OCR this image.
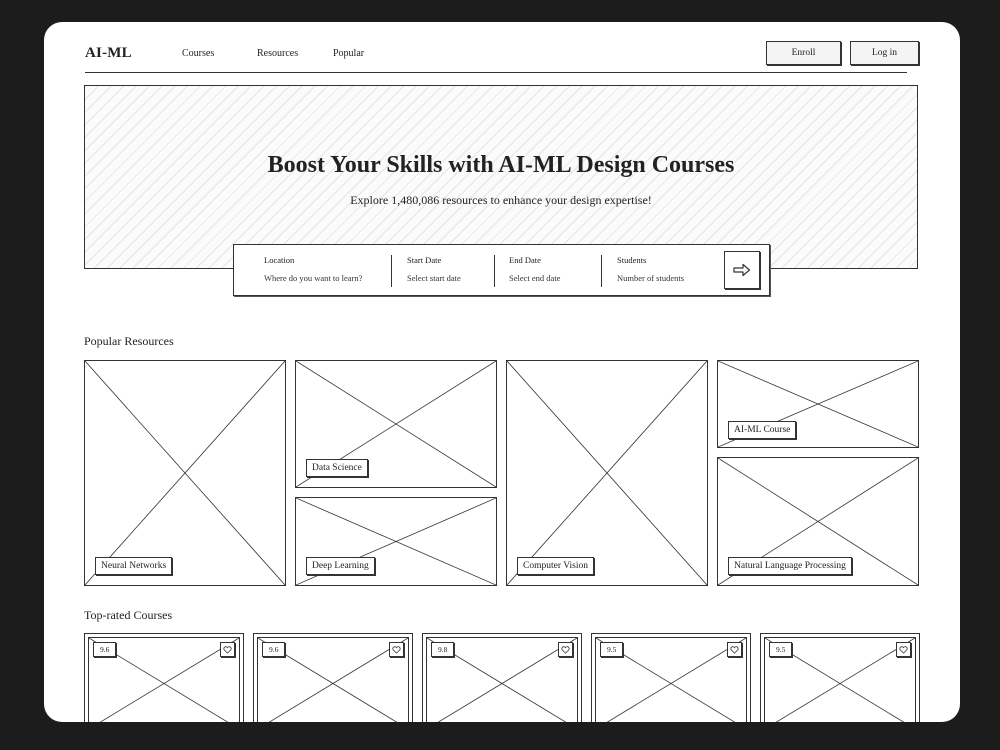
AI-ML	Courses	Resources	Popular	Enroll	Log in
Boost Your Skills with AI-ML Design Courses
Explore 1,480,086 resources to enhance your design expertise!
Location
Where do you want to learn?
Start Date
Select start date
End Date
Select end date
Students
Number of students
Popular Resources
Neural Networks
Data Science
Deep Learning	Computer Vision
AI-ML Course
Natural Language Processing
Top-rated Courses
9.6	9.6	9.8	9.5	9.5
